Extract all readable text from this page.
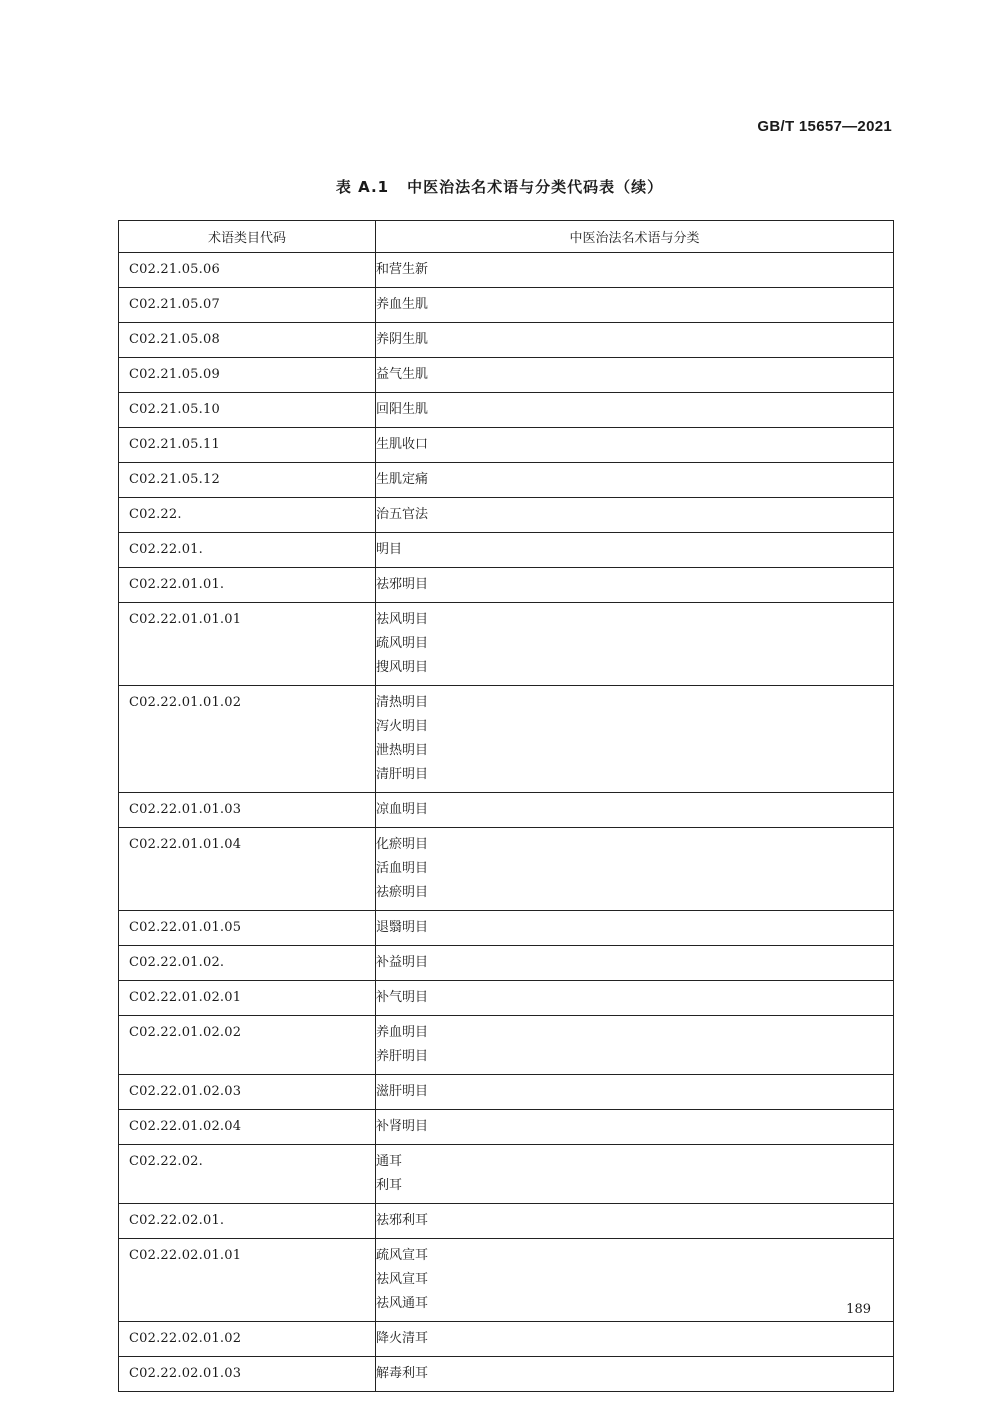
GB/T 15657—2021
表 A.1 中医治法名术语与分类代码表（续）
术语类目代码	中医治法名术语与分类
C02.21.05.06	和营生新

C02.21.05.07	养血生肌

C02.21.05.08	养阴生肌

C02.21.05.09	益气生肌

C02.21.05.10	回阳生肌

C02.21.05.11	生肌收口

C02.21.05.12	生肌定痛

C02.22.	治五官法

C02.22.01.	明目

C02.22.01.01.	祛邪明目

C02.22.01.01.01	祛风明目
疏风明目
搜风明目

C02.22.01.01.02	清热明目
泻火明目
泄热明目
清肝明目

C02.22.01.01.03	凉血明目

C02.22.01.01.04	化瘀明目
活血明目
祛瘀明目

C02.22.01.01.05	退翳明目

C02.22.01.02.	补益明目

C02.22.01.02.01	补气明目

C02.22.01.02.02	养血明目
养肝明目

C02.22.01.02.03	滋肝明目

C02.22.01.02.04	补肾明目

C02.22.02.	通耳
利耳

C02.22.02.01.	祛邪利耳

C02.22.02.01.01	疏风宣耳
祛风宣耳
祛风通耳

C02.22.02.01.02	降火清耳

C02.22.02.01.03	解毒利耳
189
